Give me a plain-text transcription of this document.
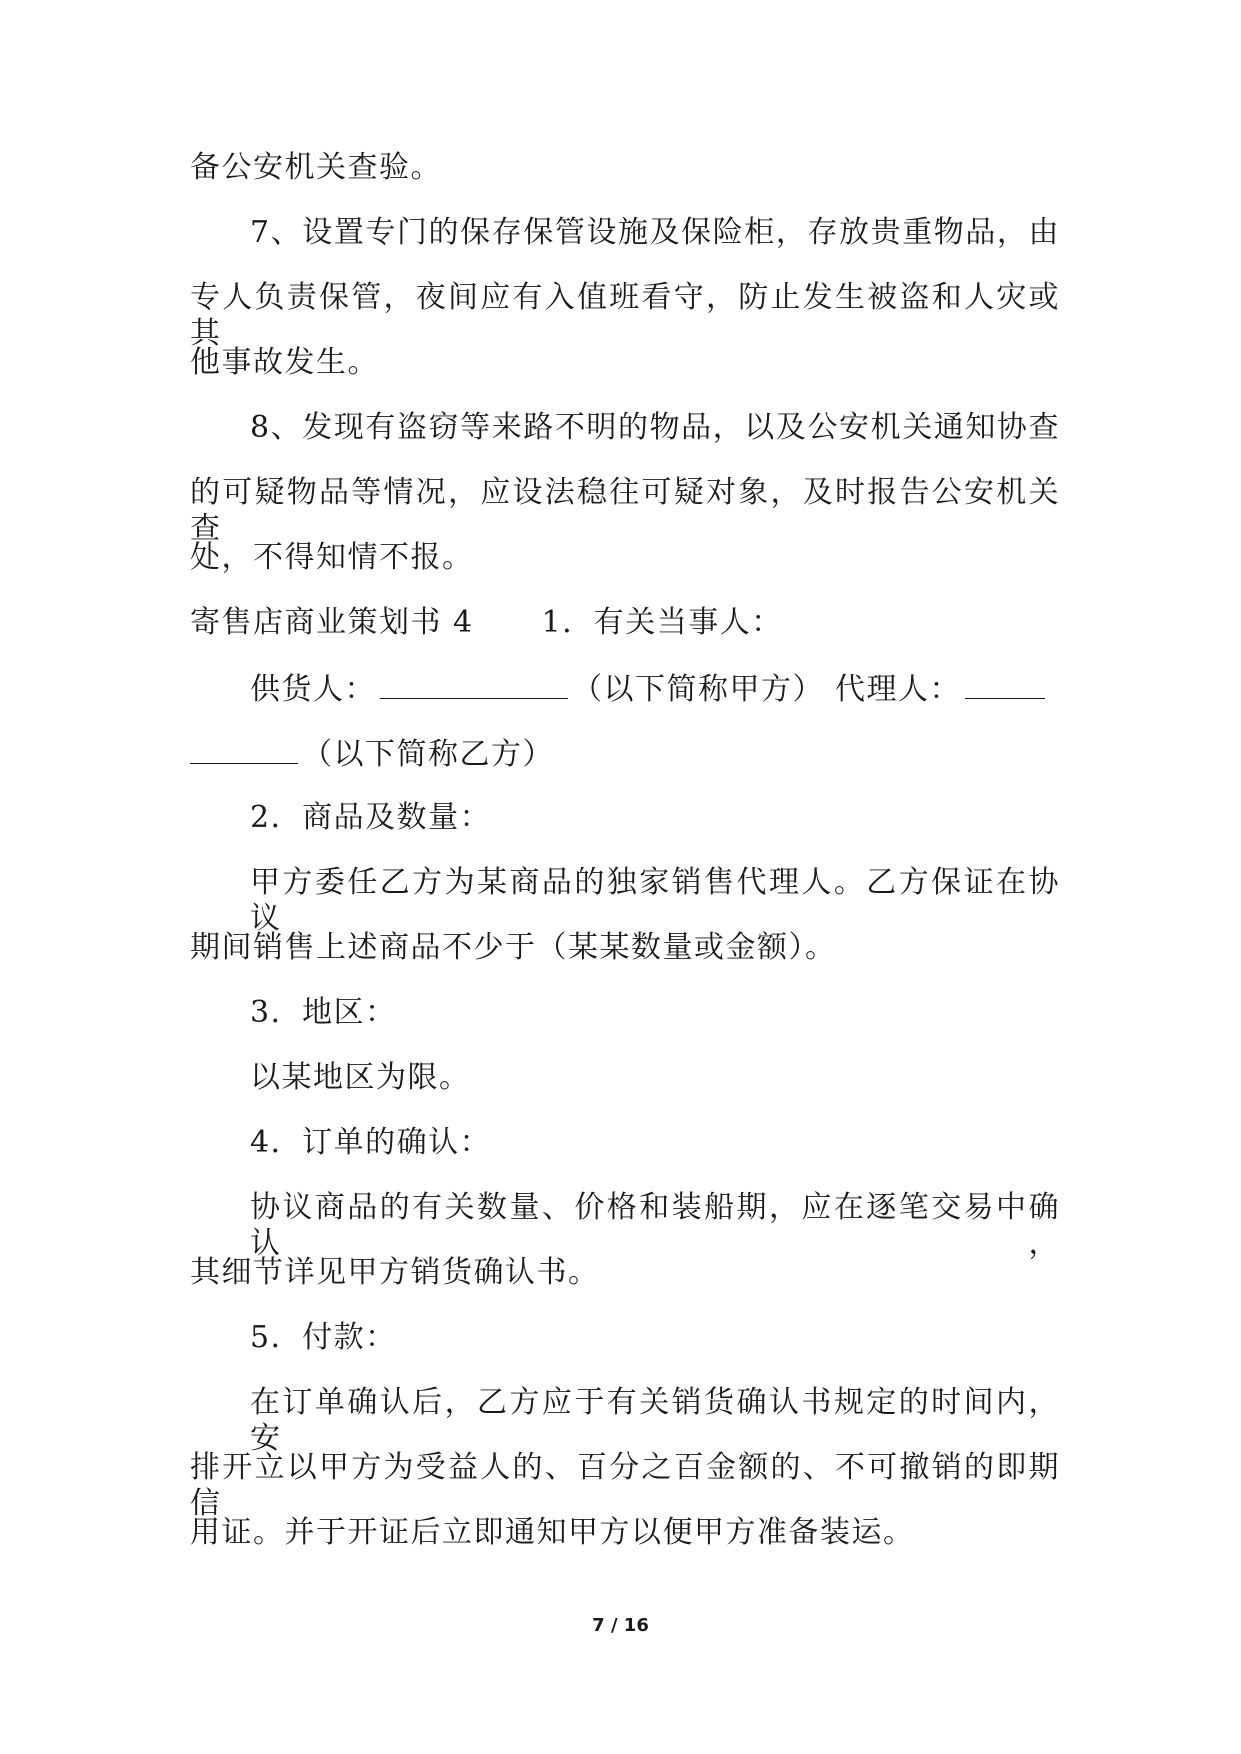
备公安机关查验。
7、设置专门的保存保管设施及保险柜，存放贵重物品，由
专人负责保管，夜间应有入值班看守，防止发生被盗和人灾或其
他事故发生。
8、发现有盗窃等来路不明的物品，以及公安机关通知协查
的可疑物品等情况，应设法稳往可疑对象，及时报告公安机关查
处，不得知情不报。
寄售店商业策划书 4 1．有关当事人：
供货人：	（以下简称甲方） 代理人：
（以下简称乙方）
2．商品及数量：
甲方委任乙方为某商品的独家销售代理人。乙方保证在协议
期间销售上述商品不少于（某某数量或金额）。
3．地区：
以某地区为限。
4．订单的确认：
协议商品的有关数量、价格和装船期，应在逐笔交易中确认，
其细节详见甲方销货确认书。
5．付款：
在订单确认后，乙方应于有关销货确认书规定的时间内，安
排开立以甲方为受益人的、百分之百金额的、不可撤销的即期信
用证。并于开证后立即通知甲方以便甲方准备装运。
7 / 16
